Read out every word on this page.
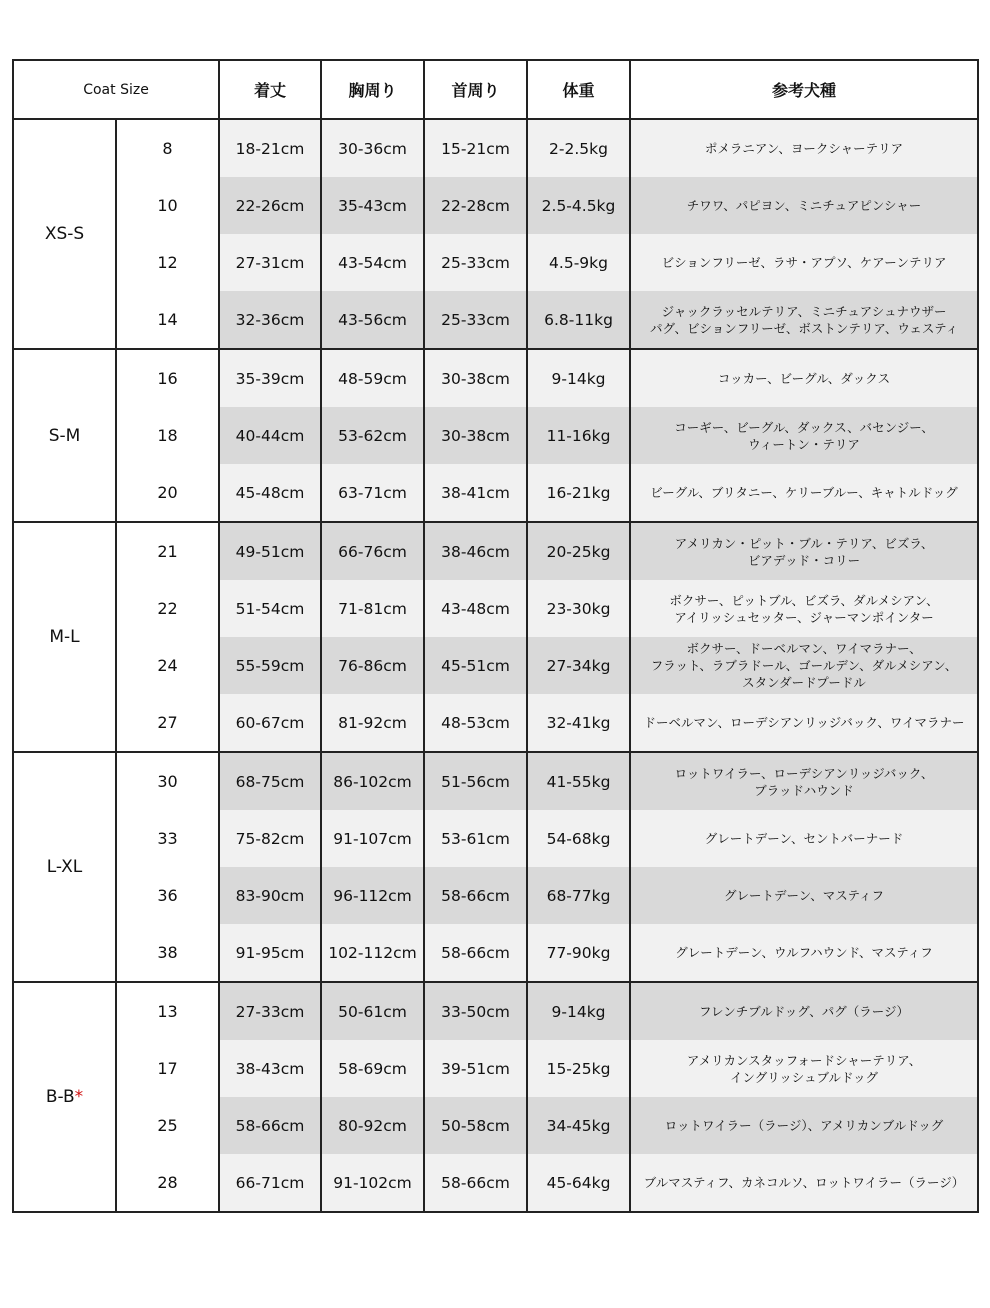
Coat Size		着丈	胸周り	首周り	体重	参考犬種
XS-S	8	18-21cm	30-36cm	15-21cm	2-2.5kg	ポメラニアン、ヨークシャーテリア

	10	22-26cm	35-43cm	22-28cm	2.5-4.5kg	チワワ、パピヨン、ミニチュアピンシャー

	12	27-31cm	43-54cm	25-33cm	4.5-9kg	ビションフリーゼ、ラサ・アプソ、ケアーンテリア

	14	32-36cm	43-56cm	25-33cm	6.8-11kg	ジャックラッセルテリア、ミニチュアシュナウザー
パグ、ビションフリーゼ、ボストンテリア、ウェスティ

S-M	16	35-39cm	48-59cm	30-38cm	9-14kg	コッカー、ビーグル、ダックス

	18	40-44cm	53-62cm	30-38cm	11-16kg	コーギー、ビーグル、ダックス、バセンジー、
ウィートン・テリア

	20	45-48cm	63-71cm	38-41cm	16-21kg	ビーグル、ブリタニー、ケリーブルー、キャトルドッグ

M-L	21	49-51cm	66-76cm	38-46cm	20-25kg	アメリカン・ピット・ブル・テリア、ビズラ、
ビアデッド・コリー

	22	51-54cm	71-81cm	43-48cm	23-30kg	ボクサー、ピットブル、ビズラ、ダルメシアン、
アイリッシュセッター、ジャーマンポインター

	24	55-59cm	76-86cm	45-51cm	27-34kg	ボクサー、ドーベルマン、ワイマラナー、
フラット、ラブラドール、ゴールデン、ダルメシアン、
スタンダードプードル

	27	60-67cm	81-92cm	48-53cm	32-41kg	ドーベルマン、ローデシアンリッジバック、ワイマラナー

L-XL	30	68-75cm	86-102cm	51-56cm	41-55kg	ロットワイラー、ローデシアンリッジバック、
ブラッドハウンド

	33	75-82cm	91-107cm	53-61cm	54-68kg	グレートデーン、セントバーナード

	36	83-90cm	96-112cm	58-66cm	68-77kg	グレートデーン、マスティフ

	38	91-95cm	102-112cm	58-66cm	77-90kg	グレートデーン、ウルフハウンド、マスティフ

B-B*	13	27-33cm	50-61cm	33-50cm	9-14kg	フレンチブルドッグ、パグ（ラージ）

	17	38-43cm	58-69cm	39-51cm	15-25kg	アメリカンスタッフォードシャーテリア、
イングリッシュブルドッグ

	25	58-66cm	80-92cm	50-58cm	34-45kg	ロットワイラー（ラージ）、アメリカンブルドッグ

	28	66-71cm	91-102cm	58-66cm	45-64kg	ブルマスティフ、カネコルソ、ロットワイラー（ラージ）
